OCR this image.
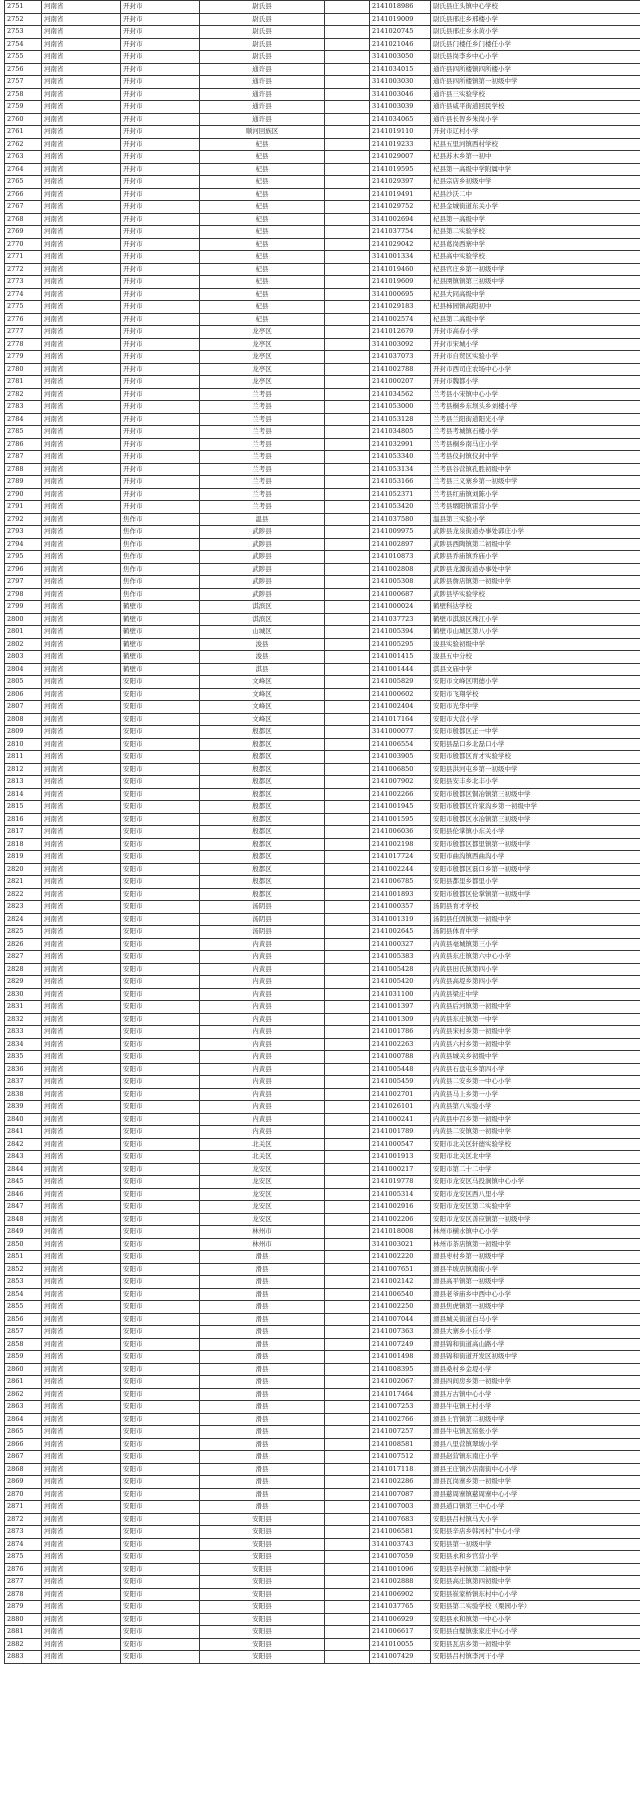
2751	河南省	开封市	尉氏县		2141018986	尉氏县庄头镇中心学校
2752	河南省	开封市	尉氏县		2141019009	尉氏县邢庄乡邢楼小学
2753	河南省	开封市	尉氏县		2141020745	尉氏县邢庄乡水黄小学
2754	河南省	开封市	尉氏县		2141021046	尉氏县门楼任乡门楼任小学
2755	河南省	开封市	尉氏县		3141003050	尉氏县岗李乡中心小学
2756	河南省	开封市	通许县		2141034015	通许县四所楼镇四所楼小学
2757	河南省	开封市	通许县		3141003030	通许县四所楼镇第一初级中学
2758	河南省	开封市	通许县		3141003046	通许县三实验学校
2759	河南省	开封市	通许县		3141003039	通许县咸平街道回民学校
2760	河南省	开封市	通许县		2141034065	通许县长智乡朱岗小学
2761	河南省	开封市	顺河回族区		2141019110	开封市辽村小学
2762	河南省	开封市	杞县		2141019233	杞县五里河镇西村学校
2763	河南省	开封市	杞县		2141029007	杞县苏木乡第一初中
2764	河南省	开封市	杞县		2141019595	杞县第一高级中学附属中学
2765	河南省	开封市	杞县		2141029397	杞县宗店乡初级中学
2766	河南省	开封市	杞县		2141019491	杞县沙沃二中
2767	河南省	开封市	杞县		2141029752	杞县金城街道东关小学
2768	河南省	开封市	杞县		3141002694	杞县第一高级中学
2769	河南省	开封市	杞县		2141037754	杞县第二实验学校
2770	河南省	开封市	杞县		2141029042	杞县葛岗西寨中学
2771	河南省	开封市	杞县		3141001334	杞县高中实验学校
2772	河南省	开封市	杞县		2141019460	杞县官庄乡第一初级中学
2773	河南省	开封市	杞县		2141019609	杞县圉镇镇第三初级中学
2774	河南省	开封市	杞县		3141000695	杞县大同高级中学
2775	河南省	开封市	杞县		2141029183	杞县柿园镇高阳初中
2776	河南省	开封市	杞县		2141002574	杞县第二高级中学
2777	河南省	开封市	龙亭区		2141012679	开封市高春小学
2778	河南省	开封市	龙亭区		3141003092	开封市宋城小学
2779	河南省	开封市	龙亭区		2141037073	开封市自贸区实验小学
2780	河南省	开封市	龙亭区		2141002788	开封市西司庄农场中心小学
2781	河南省	开封市	龙亭区		2141000207	开封市魏都小学
2782	河南省	开封市	兰考县		2141034562	兰考县小宋镇中心小学
2783	河南省	开封市	兰考县		2141053000	兰考县桐乡东坝头乡刘楼小学
2784	河南省	开封市	兰考县		2141053128	兰考县兰阳街道阳光小学
2785	河南省	开封市	兰考县		2141034805	兰考县考城镇石楼小学
2786	河南省	开封市	兰考县		2141032991	兰考县桐乡南马庄小学
2787	河南省	开封市	兰考县		2141053340	兰考县仪封镇仪封中学
2788	河南省	开封市	兰考县		2141053134	兰考县谷营镇孔胜初级中学
2789	河南省	开封市	兰考县		2141053166	兰考县三义寨乡第一初级中学
2790	河南省	开封市	兰考县		2141052371	兰考县红庙镇刘陈小学
2791	河南省	开封市	兰考县		2141053420	兰考县堌阳镇雷营小学
2792	河南省	焦作市	温县		2141037580	温县第三实验小学
2793	河南省	焦作市	武陟县		2141009975	武陟县龙泉街道办事处郭庄小学
2794	河南省	焦作市	武陟县		2141002897	武陟县西陶镇第二初级中学
2795	河南省	焦作市	武陟县		2141010873	武陟县乔庙镇乔庙小学
2796	河南省	焦作市	武陟县		2141002808	武陟县龙源街道办事处中学
2797	河南省	焦作市	武陟县		2141005308	武陟县詹店镇第一初级中学
2798	河南省	焦作市	武陟县		2141000687	武陟县毕实验学校
2799	河南省	鹤壁市	淇滨区		2141000024	鹤壁科达学校
2800	河南省	鹤壁市	淇滨区		2141037723	鹤壁市淇滨区珠江小学
2801	河南省	鹤壁市	山城区		2141005394	鹤壁市山城区第八小学
2802	河南省	鹤壁市	浚县		2141005295	浚县实验初级中学
2803	河南省	鹤壁市	浚县		2141001415	浚县五中分校
2804	河南省	鹤壁市	淇县		2141001444	淇县文庙中学
2805	河南省	安阳市	文峰区		2141005829	安阳市文峰区明德小学
2806	河南省	安阳市	文峰区		2141000602	安阳市飞翔学校
2807	河南省	安阳市	文峰区		2141002404	安阳市光华中学
2808	河南省	安阳市	文峰区		2141017164	安阳市大营小学
2809	河南省	安阳市	殷都区		3141000077	安阳市殷都区正一中学
2810	河南省	安阳市	殷都区		2141006554	安阳县磊口乡北磊口小学
2811	河南省	安阳市	殷都区		2141003905	安阳市殷都区育才实验学校
2812	河南省	安阳市	殷都区		2141006850	安阳县洪河屯乡第一初级中学
2813	河南省	安阳市	殷都区		2141007902	安阳县安丰乡北丰小学
2814	河南省	安阳市	殷都区		2141002266	安阳市殷都区铜冶镇第三初级中学
2815	河南省	安阳市	殷都区		2141001945	安阳市殷都区许家沟乡第一初级中学
2816	河南省	安阳市	殷都区		2141001595	安阳市殷都区水冶镇第三初级中学
2817	河南省	安阳市	殷都区		2141006036	安阳县伦掌镇小东关小学
2818	河南省	安阳市	殷都区		2141002198	安阳市殷都区都里镇第一初级中学
2819	河南省	安阳市	殷都区		2141017724	安阳市曲沟镇西曲沟小学
2820	河南省	安阳市	殷都区		2141002244	安阳市殷都区磊口乡第一初级中学
2821	河南省	安阳市	殷都区		2141006785	安阳县都里乡都里小学
2822	河南省	安阳市	殷都区		2141001893	安阳市殷都区伦掌镇第一初级中学
2823	河南省	安阳市	汤阴县		2141000357	汤阴县育才学校
2824	河南省	安阳市	汤阴县		3141001319	汤阴县任固镇第一初级中学
2825	河南省	安阳市	汤阴县		2141002645	汤阴县体育中学
2826	河南省	安阳市	内黄县		2141000327	内黄县亳城镇第三小学
2827	河南省	安阳市	内黄县		2141005383	内黄县东庄镇第六中心小学
2828	河南省	安阳市	内黄县		2141005428	内黄县田氏镇第四小学
2829	河南省	安阳市	内黄县		2141005420	内黄县高堤乡第四小学
2830	河南省	安阳市	内黄县		2141031100	内黄县梁庄中学
2831	河南省	安阳市	内黄县		2141001397	内黄县后河镇第一初级中学
2832	河南省	安阳市	内黄县		2141001309	内黄县东庄镇第一中学
2833	河南省	安阳市	内黄县		2141001786	内黄县宋村乡第一初级中学
2834	河南省	安阳市	内黄县		2141002263	内黄县六村乡第一初级中学
2835	河南省	安阳市	内黄县		2141000788	内黄县城关乡初级中学
2836	河南省	安阳市	内黄县		2141005448	内黄县石盘屯乡第四小学
2837	河南省	安阳市	内黄县		2141005459	内黄县二安乡第一中心小学
2838	河南省	安阳市	内黄县		2141002701	内黄县马上乡第一小学
2839	河南省	安阳市	内黄县		2141026101	内黄县第八实验小学
2840	河南省	安阳市	内黄县		2141000241	内黄县中召乡第一初级中学
2841	河南省	安阳市	内黄县		2141001789	内黄县二安镇第一初级中学
2842	河南省	安阳市	北关区		2141000547	安阳市北关区轩德实验学校
2843	河南省	安阳市	北关区		2141001913	安阳市北关区北中学
2844	河南省	安阳市	龙安区		2141000217	安阳市第二十二中学
2845	河南省	安阳市	龙安区		2141019778	安阳市龙安区马投涧镇中心小学
2846	河南省	安阳市	龙安区		2141005314	安阳市龙安区西八里小学
2847	河南省	安阳市	龙安区		2141002916	安阳市龙安区第二实验中学
2848	河南省	安阳市	龙安区		2141002206	安阳市龙安区善应镇第一初级中学
2849	河南省	安阳市	林州市		2141018008	林州市横水镇中心小学
2850	河南省	安阳市	林州市		3141003021	林州市茶店镇第一初级中学
2851	河南省	安阳市	滑县		2141002220	滑县枣村乡第一初级中学
2852	河南省	安阳市	滑县		2141007651	滑县半坡店镇南街小学
2853	河南省	安阳市	滑县		2141002142	滑县高平镇第一初级中学
2854	河南省	安阳市	滑县		2141006540	滑县老爷庙乡中西中心小学
2855	河南省	安阳市	滑县		2141002250	滑县焦虎镇第一初级中学
2856	河南省	安阳市	滑县		2141007044	滑县城关街道白马小学
2857	河南省	安阳市	滑县		2141007363	滑县大寨乡小丘小学
2858	河南省	安阳市	滑县		2141007249	滑县锦和街道高山路小学
2859	河南省	安阳市	滑县		2141001498	滑县锦和街道开发区初级中学
2860	河南省	安阳市	滑县		2141008395	滑县桑村乡金堤小学
2861	河南省	安阳市	滑县		2141002067	滑县四间房乡第一初级中学
2862	河南省	安阳市	滑县		2141017464	滑县万古镇中心小学
2863	河南省	安阳市	滑县		2141007253	滑县牛屯镇王村小学
2864	河南省	安阳市	滑县		2141002766	滑县上官镇第二初级中学
2865	河南省	安阳市	滑县		2141007257	滑县牛屯镇瓦窑张小学
2866	河南省	安阳市	滑县		2141008581	滑县八里营镇翠坡小学
2867	河南省	安阳市	滑县		2141007512	滑县赵营镇东南庄小学
2868	河南省	安阳市	滑县		2141017118	滑县王庄镇沙店南街中心小学
2869	河南省	安阳市	滑县		2141002286	滑县瓦岗寨乡第一初级中学
2870	河南省	安阳市	滑县		2141007087	滑县慈周寨镇慈周寨中心小学
2871	河南省	安阳市	滑县		2141007003	滑县道口镇第三中心小学
2872	河南省	安阳市	安阳县		2141007683	安阳县吕村镇马大小学
2873	河南省	安阳市	安阳县		2141006581	安阳县辛店乡韩河村"中心小学
2874	河南省	安阳市	安阳县		3141003743	安阳县第一初级中学
2875	河南省	安阳市	安阳县		2141007059	安阳县永和乡官营小学
2876	河南省	安阳市	安阳县		2141001096	安阳县辛村镇第二初级中学
2877	河南省	安阳市	安阳县		2141002888	安阳县高庄镇第四初级中学
2878	河南省	安阳市	安阳县		2141006902	安阳县崔家桥镇东村中心小学
2879	河南省	安阳市	安阳县		2141037765	安阳县第二实验学校（栗园小学）
2880	河南省	安阳市	安阳县		2141006929	安阳县永和镇第一中心小学
2881	河南省	安阳市	安阳县		2141006617	安阳县白璧镇张家庄中心小学
2882	河南省	安阳市	安阳县		2141010055	安阳县瓦店乡第一初级中学
2883	河南省	安阳市	安阳县		2141007429	安阳县吕村镇李河干小学
